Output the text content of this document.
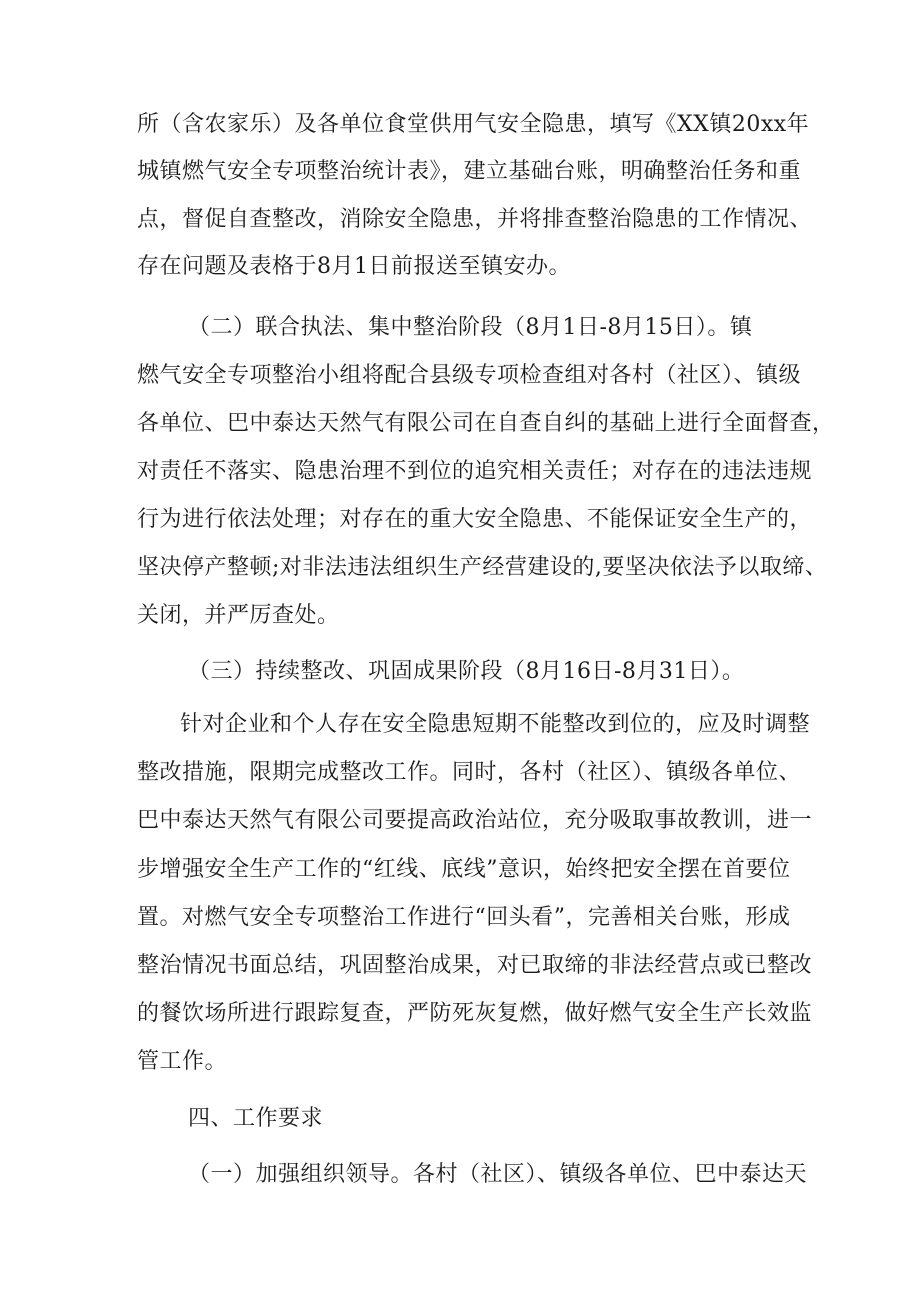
所（含农家乐）及各单位食堂供用气安全隐患，填写《XX镇20xx年

城镇燃气安全专项整治统计表》，建立基础台账，明确整治任务和重

点，督促自查整改，消除安全隐患，并将排查整治隐患的工作情况、

存在问题及表格于8月1日前报送至镇安办。

（二）联合执法、集中整治阶段（8月1日-8月15日）。镇

燃气安全专项整治小组将配合县级专项检查组对各村（社区）、镇级

各单位、巴中泰达天然气有限公司在自查自纠的基础上进行全面督查，

对责任不落实、隐患治理不到位的追究相关责任；对存在的违法违规

行为进行依法处理；对存在的重大安全隐患、不能保证安全生产的，

坚决停产整顿;对非法违法组织生产经营建设的,要坚决依法予以取缔、

关闭，并严厉查处。

（三）持续整改、巩固成果阶段（8月16日-8月31日）。

针对企业和个人存在安全隐患短期不能整改到位的，应及时调整

整改措施，限期完成整改工作。同时，各村（社区）、镇级各单位、

巴中泰达天然气有限公司要提高政治站位，充分吸取事故教训，进一

步增强安全生产工作的“红线、底线”意识，始终把安全摆在首要位

置。对燃气安全专项整治工作进行“回头看”，完善相关台账，形成

整治情况书面总结，巩固整治成果，对已取缔的非法经营点或已整改

的餐饮场所进行跟踪复查，严防死灰复燃，做好燃气安全生产长效监

管工作。

四、工作要求

（一）加强组织领导。各村（社区）、镇级各单位、巴中泰达天
